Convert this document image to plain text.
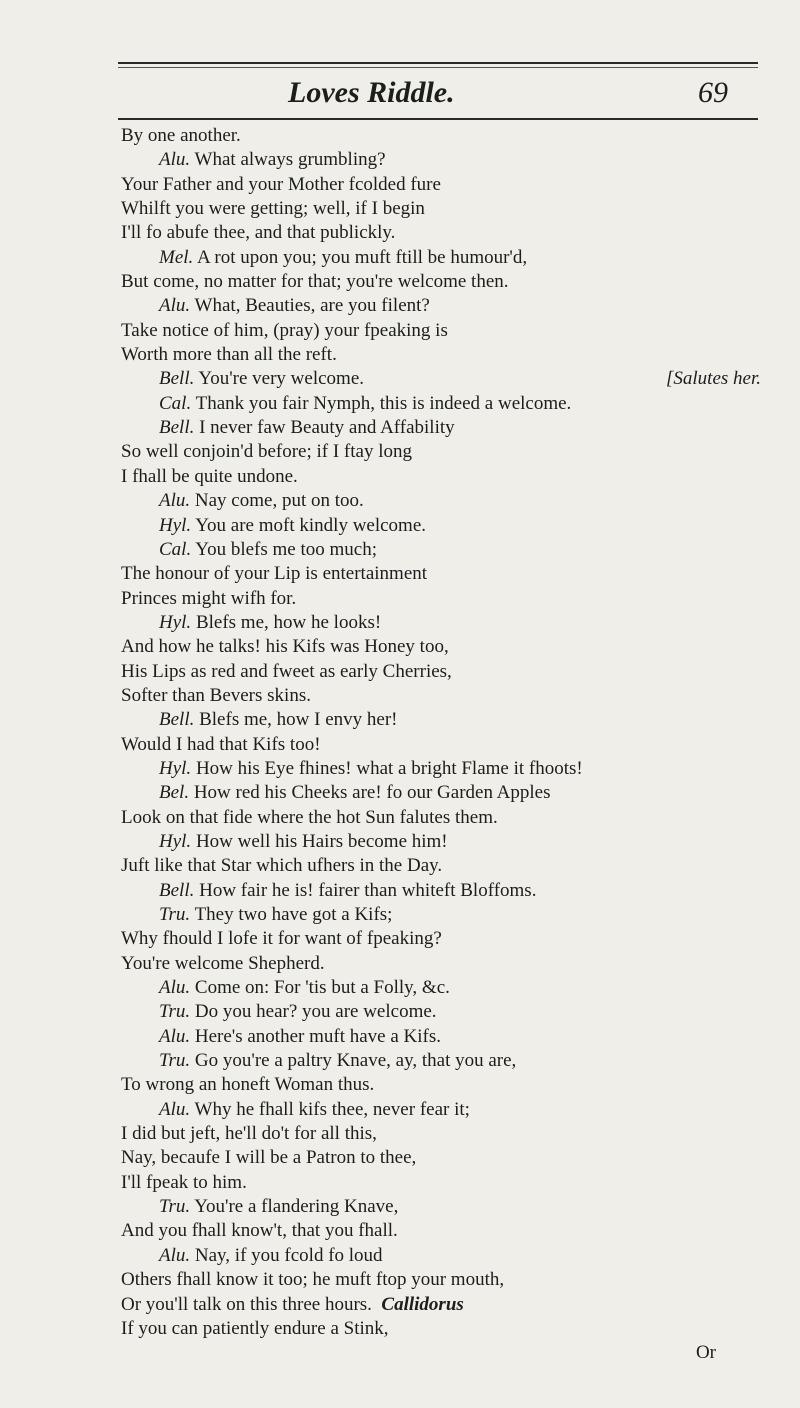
Loves Riddle.	69
By one another.
Alu. What always grumbling?
Your Father and your Mother fcolded fure
Whilft you were getting; well, if I begin
I'll fo abufe thee, and that publickly.
Mel. A rot upon you; you muft ftill be humour'd,
But come, no matter for that; you're welcome then.
Alu. What, Beauties, are you filent?
Take notice of him, (pray) your fpeaking is
Worth more than all the reft.
[Salutes her.
Bell. You're very welcome.
Cal. Thank you fair Nymph, this is indeed a welcome.
Bell. I never faw Beauty and Affability
So well conjoin'd before; if I ftay long
I fhall be quite undone.
Alu. Nay come, put on too.
Hyl. You are moft kindly welcome.
Cal. You blefs me too much;
The honour of your Lip is entertainment
Princes might wifh for.
Hyl. Blefs me, how he looks!
And how he talks! his Kifs was Honey too,
His Lips as red and fweet as early Cherries,
Softer than Bevers skins.
Bell. Blefs me, how I envy her!
Would I had that Kifs too!
Hyl. How his Eye fhines! what a bright Flame it fhoots!
Bel. How red his Cheeks are! fo our Garden Apples
Look on that fide where the hot Sun falutes them.
Hyl. How well his Hairs become him!
Juft like that Star which ufhers in the Day.
Bell. How fair he is! fairer than whiteft Bloffoms.
Tru. They two have got a Kifs;
Why fhould I lofe it for want of fpeaking?
You're welcome Shepherd.
Alu. Come on: For 'tis but a Folly, &c.
Tru. Do you hear? you are welcome.
Alu. Here's another muft have a Kifs.
Tru. Go you're a paltry Knave, ay, that you are,
To wrong an honeft Woman thus.
Alu. Why he fhall kifs thee, never fear it;
I did but jeft, he'll do't for all this,
Nay, becaufe I will be a Patron to thee,
I'll fpeak to him.
Tru. You're a flandering Knave,
And you fhall know't, that you fhall.
Alu. Nay, if you fcold fo loud
Others fhall know it too; he muft ftop your mouth,
Or you'll talk on this three hours. Callidorus
If you can patiently endure a Stink,
Or
